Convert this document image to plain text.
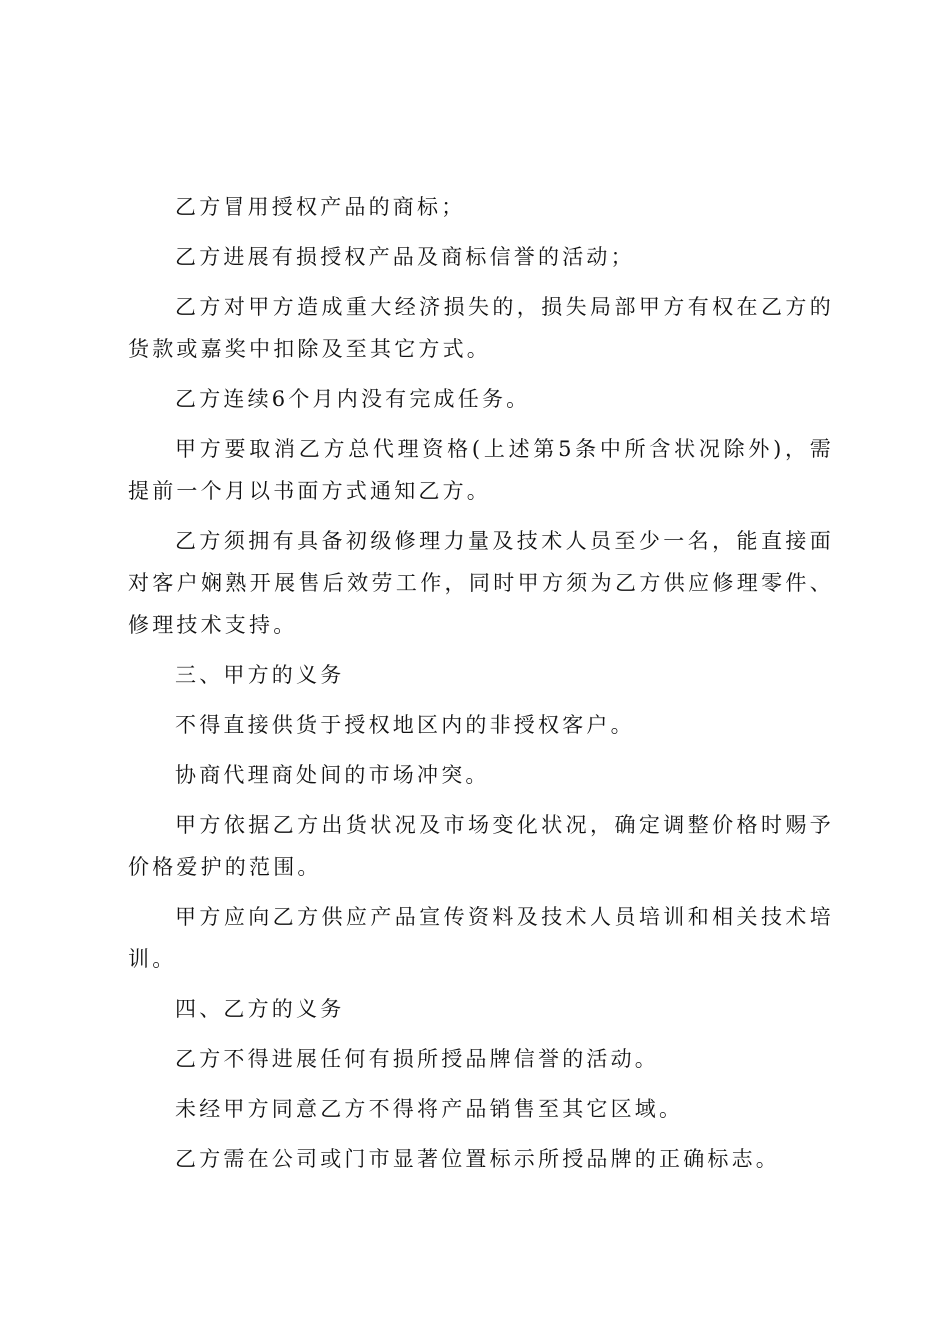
乙方冒用授权产品的商标；

乙方进展有损授权产品及商标信誉的活动；

乙方对甲方造成重大经济损失的，损失局部甲方有权在乙方的货款或嘉奖中扣除及至其它方式。

乙方连续6个月内没有完成任务。

甲方要取消乙方总代理资格(上述第5条中所含状况除外)，需提前一个月以书面方式通知乙方。

乙方须拥有具备初级修理力量及技术人员至少一名，能直接面对客户娴熟开展售后效劳工作，同时甲方须为乙方供应修理零件、修理技术支持。

三、甲方的义务

不得直接供货于授权地区内的非授权客户。

协商代理商处间的市场冲突。

甲方依据乙方出货状况及市场变化状况，确定调整价格时赐予价格爱护的范围。

甲方应向乙方供应产品宣传资料及技术人员培训和相关技术培训。

四、乙方的义务

乙方不得进展任何有损所授品牌信誉的活动。

未经甲方同意乙方不得将产品销售至其它区域。

乙方需在公司或门市显著位置标示所授品牌的正确标志。
